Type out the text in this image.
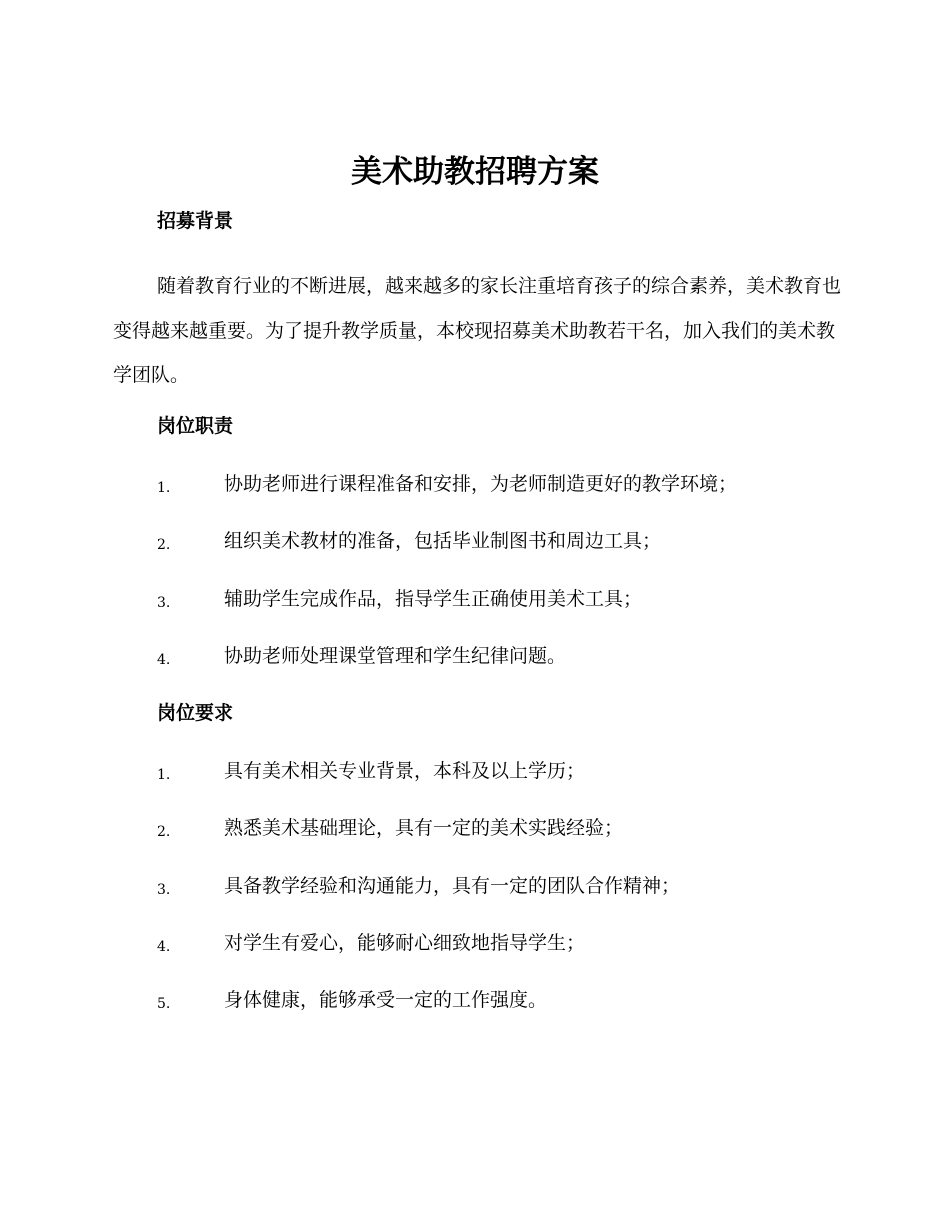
美术助教招聘方案
招募背景

随着教育行业的不断进展，越来越多的家长注重培育孩子的综合素养，美术教育也变得越来越重要。为了提升教学质量，本校现招募美术助教若干名，加入我们的美术教学团队。

岗位职责
1.	协助老师进行课程准备和安排，为老师制造更好的教学环境；
2.	组织美术教材的准备，包括毕业制图书和周边工具；
3.	辅助学生完成作品，指导学生正确使用美术工具；
4.	协助老师处理课堂管理和学生纪律问题。
岗位要求
1.	具有美术相关专业背景，本科及以上学历；
2.	熟悉美术基础理论，具有一定的美术实践经验；
3.	具备教学经验和沟通能力，具有一定的团队合作精神；
4.	对学生有爱心，能够耐心细致地指导学生；
5.	身体健康，能够承受一定的工作强度。
